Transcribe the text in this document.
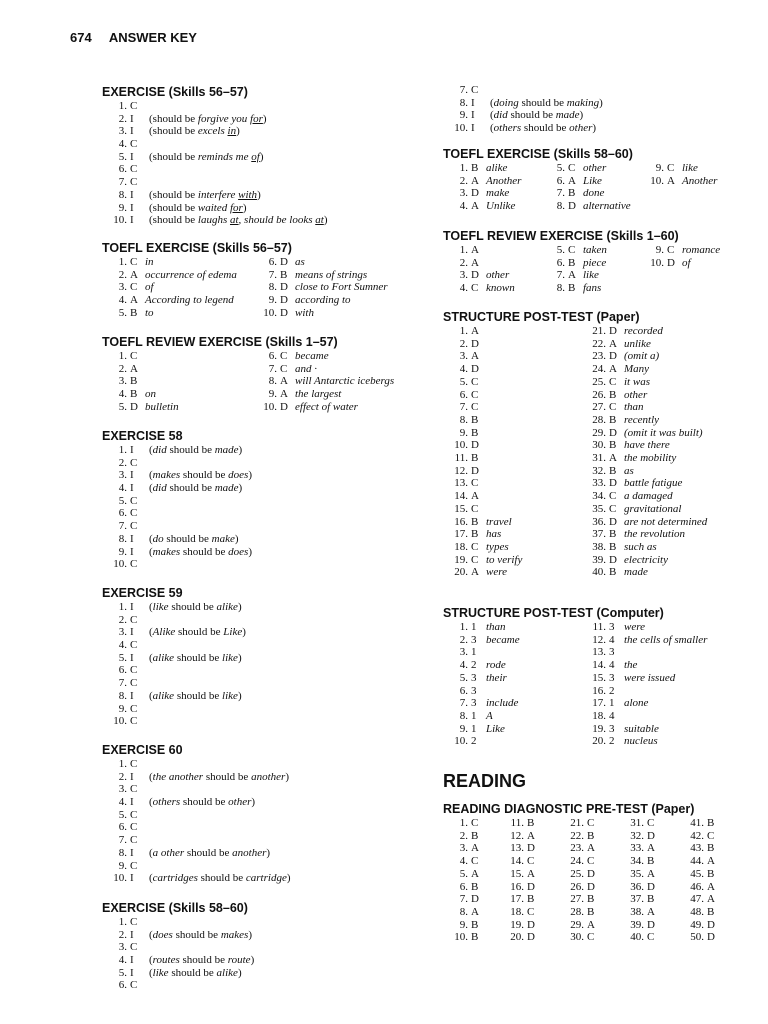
674 ANSWER KEY
EXERCISE (Skills 56–57)
1. C
2. I (should be forgive you for)
3. I (should be excels in)
4. C
5. I (should be reminds me of)
6. C
7. C
8. I (should be interfere with)
9. I (should be waited for)
10. I (should be laughs at, should be looks at)
TOEFL EXERCISE (Skills 56–57)
1. C in
2. A occurrence of edema
3. C of
4. A According to legend
5. B to
6. D as
7. B means of strings
8. D close to Fort Sumner
9. D according to
10. D with
TOEFL REVIEW EXERCISE (Skills 1–57)
1. C
2. A
3. B
4. B on
5. D bulletin
6. C became
7. C and ·
8. A will Antarctic icebergs
9. A the largest
10. D effect of water
EXERCISE 58
1. I (did should be made)
2. C
3. I (makes should be does)
4. I (did should be made)
5. C
6. C
7. C
8. I (do should be make)
9. I (makes should be does)
10. C
EXERCISE 59
1. I (like should be alike)
2. C
3. I (Alike should be Like)
4. C
5. I (alike should be like)
6. C
7. C
8. I (alike should be like)
9. C
10. C
EXERCISE 60
1. C
2. I (the another should be another)
3. C
4. I (others should be other)
5. C
6. C
7. C
8. I (a other should be another)
9. C
10. I (cartridges should be cartridge)
EXERCISE (Skills 58–60)
1. C
2. I (does should be makes)
3. C
4. I (routes should be route)
5. I (like should be alike)
6. C
7. C
8. I (doing should be making)
9. I (did should be made)
10. I (others should be other)
TOEFL EXERCISE (Skills 58–60)
1. B alike
2. A Another
3. D make
4. A Unlike
5. C other
6. A Like
7. B done
8. D alternative
9. C like
10. A Another
TOEFL REVIEW EXERCISE (Skills 1–60)
1. A
2. A
3. D other
4. C known
5. C taken
6. B piece
7. A like
8. B fans
9. C romance
10. D of
STRUCTURE POST-TEST (Paper)
1. A
2. D
3. A
4. D
5. C
6. C
7. C
8. B
9. B
10. D
11. B
12. D
13. C
14. A
15. C
16. B travel
17. B has
18. C types
19. C to verify
20. A were
21. D recorded
22. A unlike
23. D (omit a)
24. A Many
25. C it was
26. B other
27. C than
28. B recently
29. D (omit it was built)
30. B have there
31. A the mobility
32. B as
33. D battle fatigue
34. C a damaged
35. C gravitational
36. D are not determined
37. B the revolution
38. B such as
39. D electricity
40. B made
STRUCTURE POST-TEST (Computer)
1. 1 than
2. 3 became
3. 1
4. 2 rode
5. 3 their
6. 3
7. 3 include
8. 1 A
9. 1 Like
10. 2
11. 3 were
12. 4 the cells of smaller
13. 3
14. 4 the
15. 3 were issued
16. 2
17. 1 alone
18. 4
19. 3 suitable
20. 2 nucleus
READING
READING DIAGNOSTIC PRE-TEST (Paper)
1. C
2. B
3. A
4. C
5. A
6. B
7. D
8. A
9. B
10. B
11. B
12. A
13. D
14. C
15. A
16. D
17. B
18. C
19. D
20. D
21. C
22. B
23. A
24. C
25. D
26. D
27. B
28. B
29. A
30. C
31. C
32. D
33. A
34. B
35. A
36. D
37. B
38. A
39. D
40. C
41. B
42. C
43. B
44. A
45. B
46. A
47. A
48. B
49. D
50. D
